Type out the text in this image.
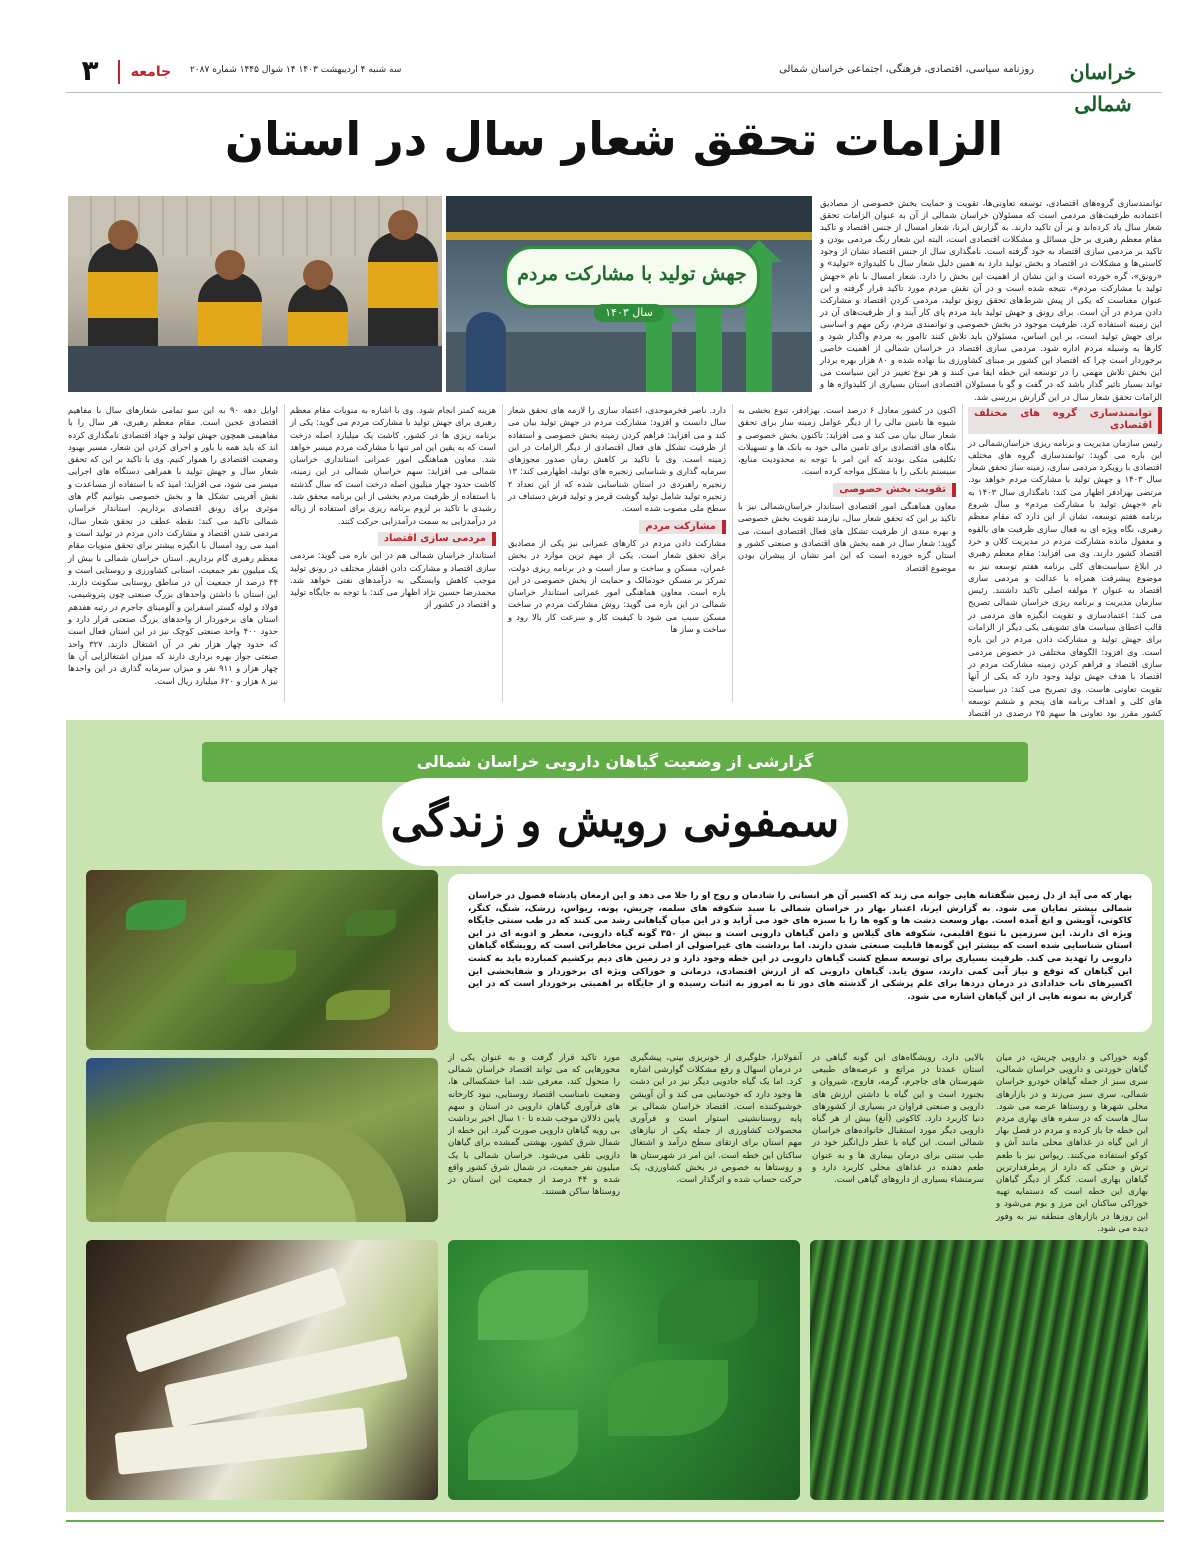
خراسان شمالی
روزنامه سیاسی، اقتصادی، فرهنگی، اجتماعی خراسان شمالی
۳	جامعه	سه شنبه ۴ اردیبهشت ۱۴۰۳ ۱۴ شوال ۱۴۴۵ شماره ۲۰۸۷
الزامات تحقق شعار سال در استان
توانمندسازی گروه‌های اقتصادی، توسعه تعاونی‌ها، تقویت و حمایت بخش خصوصی از مصادیق اعتمادبه ظرفیت‌های مردمی است که مسئولان خراسان شمالی از آن به عنوان الزامات تحقق شعار سال یاد کرده‌اند و بر آن تاکید دارند. به گزارش ایرنا، شعار امسال از جنس اقتصاد و تاکید مقام معظم رهبری بر حل مسائل و مشکلات اقتصادی است، البته این شعار رنگ مردمی بودن و تاکید بر مردمی سازی اقتصاد به خود گرفته است. نامگذاری سال از جنس اقتصاد نشان از وجود کاستی‌ها و مشکلات در اقتصاد و بخش تولید دارد به همین دلیل شعار سال با کلیدواژه «تولید» و «رونق»، گره خورده است و این نشان از اهمیت این بخش را دارد. شعار امسال با نام «جهش تولید با مشارکت مردم»، نتیجه شده است و در آن نقش مردم مورد تاکید قرار گرفته و این عنوان معناست که یکی از پیش شرط‌های تحقق رونق تولید، مردمی کردن اقتصاد و مشارکت دادن مردم در آن است. برای رونق و جهش تولید باید مردم پای کار آیند و از ظرفیت‌های آن در این زمینه استفاده کرد. ظرفیت موجود در بخش خصوصی و توانمندی مردم، رکن مهم و اساسی برای جهش تولید است، بر این اساس، مسئولان باید تلاش کنند تاامور به مردم واگذار شود و کارها به وسیله مردم اداره شود. مردمی سازی اقتصاد در خراسان شمالی از اهمیت خاصی برخوردار است چرا که اقتصاد این کشور بر مبنای کشاورزی بنا نهاده شده و ۸۰ هزار بهره بردار این بخش تلاش مهمی را در توسعه این خطه ایفا می کنند و هر نوع تغییر در این سیاست می تواند بسیار تاثیر گذار باشد که در گفت و گو با مسئولان اقتصادی استان بسیاری از کلیدواژه ها و الزامات تحقق شعار سال در این گزارش بررسی شد.
جهش تولید با مشارکت مردم
سال ۱۴۰۳
توانمندسازی گروه های مختلف اقتصادی

رئیس سازمان مدیریت و برنامه ریزی خراسان‌شمالی در این باره می گوید: توانمندسازی گروه های مختلف اقتصادی با رویکرد مردمی سازی، زمینه ساز تحقق شعار سال ۱۴۰۳ و جهش تولید با مشارکت مردم خواهد بود. مرتضی بهزادفر اظهار می کند: نامگذاری سال ۱۴۰۳ به نام «جهش تولید با مشارکت مردم» و سال شروع برنامه هفتم توسعه، نشان از این دارد که مقام معظم رهبری، نگاه ویژه ای به فعال سازی ظرفیت های بالقوه و مغفول مانده مشارکت مردم در مدیریت کلان و خرد اقتصاد کشور دارند. وی می افزاید: مقام معظم رهبری در ابلاغ سیاست‌های کلی برنامه هفتم توسعه نیز به موضوع پیشرفت همراه با عدالت و مردمی سازی اقتصاد به عنوان ۲ مولفه اصلی تاکید داشتند. رئیس سازمان مدیریت و برنامه ریزی خراسان شمالی تصریح می کند: اعتمادسازی و تقویت انگیزه های مردمی در قالب اعطای سیاست های تشویقی یکی دیگر از الزامات برای جهش تولید و مشارکت دادن مردم در این باره است. وی افزود: الگوهای مختلفی در خصوص مردمی سازی اقتصاد و فراهم کردن زمینه مشارکت مردم در اقتصاد با هدف جهش تولید وجود دارد که یکی از آنها تقویت تعاونی هاست. وی تصریح می کند: در سیاست های کلی و اهداف برنامه های پنجم و ششم توسعه کشور مقرر بود تعاونی ها سهم ۲۵ درصدی در اقتصاد

اکنون در کشور معادل ۶ درصد است. بهزادفر، تنوع بخشی به شیوه ها تامین مالی را از دیگر عوامل زمینه ساز برای تحقق شعار سال بیان می کند و می افزاید: تاکنون بخش خصوصی و بنگاه های اقتصادی برای تامین مالی خود به بانک ها و تسهیلات تکلیفی متکی بودند که این امر با توجه به محدودیت منابع، سیستم بانکی را با مشکل مواجه کرده است.

تقویت بخش خصوصی

معاون هماهنگی امور اقتصادی استاندار خراسان‌شمالی نیز با تاکید بر این که تحقق شعار سال، نیازمند تقویت بخش خصوصی و بهره مندی از ظرفیت تشکل های فعال اقتصادی است، می گوید: شعار سال در همه بخش های اقتصادی و صنعتی کشور و استان گره خورده است که این امر نشان از پیشران بودن موضوع اقتصاد

دارد. ناصر فخرموحدی، اعتماد سازی را لازمه های تحقق شعار سال دانست و افزود: مشارکت مردم در جهش تولید بیان می کند و می افزاید: فراهم کردن زمینه بخش خصوصی و استفاده از ظرفیت تشکل های فعال اقتصادی از دیگر الزامات در این زمینه است. وی با تاکید بر کاهش زمان صدور مجوزهای سرمایه گذاری و شناسایی زنجیره های تولید، اظهارمی کند: ۱۳ زنجیره راهبردی در استان شناسایی شده که از این تعداد ۲ زنجیره تولید شامل تولید گوشت قرمز و تولید فرش دستباف در سطح ملی مصوب شده است.

مشارکت مردم

مشارکت دادن مردم در کارهای عمرانی نیز یکی از مصادیق برای تحقق شعار است. یکی از مهم ترین موارد در بخش عمران، مسکن و ساخت و ساز است و در برنامه ریزی دولت، تمرکز بر مسکن خودمالک و حمایت از بخش خصوصی در این باره است. معاون هماهنگی امور عمرانی استاندار خراسان شمالی در این باره می گوید: روش مشارکت مردم در ساخت مسکن سبب می شود تا کیفیت کار و سرعت کار بالا رود و ساخت و ساز ها

هزینه کمتر انجام شود. وی با اشاره به منویات مقام معظم رهبری برای جهش تولید با مشارکت مردم می گوید: یکی از برنامه ریزی ها در کشور، کاشت یک میلیارد اصله درخت است که به یقین این امر تنها با مشارکت مردم میسر خواهد شد. معاون هماهنگی امور عمرانی استانداری خراسان شمالی می افزاید: سهم خراسان شمالی در این زمینه، کاشت حدود چهار میلیون اصله درخت است که سال گذشته با استفاده از ظرفیت مردم بخشی از این برنامه محقق شد. رشیدی با تاکید بر لزوم برنامه ریزی برای استفاده از زباله در درآمدزایی به سمت درآمدزایی حرکت کنند.

مردمی سازی اقتصاد

استاندار خراسان شمالی هم در این باره می گوید: مردمی سازی اقتصاد و مشارکت دادن اقشار مختلف در رونق تولید موجب کاهش وابستگی به درآمدهای نفتی خواهد شد. محمدرضا حسین نژاد اظهار می کند: با توجه به جایگاه تولید و اقتصاد در کشور از

اوایل دهه ۹۰ به این سو تمامی شعارهای سال با مفاهیم اقتصادی عجین است. مقام معظم رهبری، هر سال را با مفاهیمی همچون جهش تولید و جهاد اقتصادی نامگذاری کرده اند که باید همه با باور و اجرای کردن این شعار، مسیر بهبود وضعیت اقتصادی را هموار کنیم. وی با تاکید بر این که تحقق شعار سال و جهش تولید با همراهی دستگاه های اجرایی میسر می شود، می افزاید: امید که با استفاده از مساعدت و نقش آفرینی تشکل ها و بخش خصوصی بتوانیم گام های موثری برای رونق اقتصادی برداریم. استاندار خراسان شمالی تاکید می کند: نقطه عطف در تحقق شعار سال، مردمی شدن اقتصاد و مشارکت دادن مردم در تولید است و امید می رود امسال با انگیزه بیشتر برای تحقق منویات مقام معظم رهبری گام برداریم. استان خراسان شمالی با بیش از یک میلیون نفر جمعیت، استانی کشاورزی و روستایی است و ۴۴ درصد از جمعیت آن در مناطق روستایی سکونت دارند. این استان با داشتن واحدهای بزرگ صنعتی چون پتروشیمی، فولاد و لوله گستر اسفراین و آلومینای جاجرم در رتبه هفدهم استان های برخوردار از واحدهای بزرگ صنعتی قرار دارد و حدود ۴۰۰ واحد صنعتی کوچک نیز در این استان فعال است که حدود چهار هزار نفر در آن اشتغال دارند. ۳۲۷ واحد صنعتی جواز بهره برداری دارند که میزان اشتغالزایی آن ها چهار هزار و ۹۱۱ نفر و میزان سرمایه گذاری در این واحدها نیز ۸ هزار و ۶۲۰ میلیارد ریال است.

گزارشی از وضعیت گیاهان دارویی خراسان شمالی
سمفونی رویش و زندگی
بهار که می آید از دل زمین شگفتانه هایی جوانه می زند که اکسیر آن هر انسانی را شادمان و روح او را جلا می دهد و این ارمغان پادشاه فصول در خراسان شمالی بیشتر نمایان می شود. به گزارش ایرنا، اعتبار بهار در خراسان شمالی با سبد شکوفه های سلمه، چریش، پونه، ریواس، زرشک، شنگ، کنگر، کاکوتی، آویشن و انغ آمده است. بهار وسعت دشت ها و کوه ها را با سبزه های خود می آراید و در این میان گیاهانی رشد می کنند که در طب سنتی جایگاه ویژه ای دارند. این سرزمین با تنوع اقلیمی، شکوفه های گیلاس و دامن گیاهان دارویی است و بیش از ۳۵۰ گونه گیاه دارویی، معطر و ادویه ای در این استان شناسایی شده است که بیشتر این گونه‌ها قابلیت صنعتی شدن دارند. اما برداشت های غیراصولی از اصلی ترین مخاطراتی است که رویشگاه گیاهان دارویی را تهدید می کند. ظرفیت بسیاری برای توسعه سطح کشت گیاهان دارویی در این خطه وجود دارد و در زمین های دیم برکشیم کمبارده باید به کشت این گیاهان که توقع و نیاز آبی کمی دارند، سوق یابد. گیاهان دارویی که از ارزش اقتصادی، درمانی و خوراکی ویژه ای برخوردار و شفابخشی این اکسیرهای ناب خدادادی در درمان دردها برای علم پزشکی از گذشته های دور تا به امروز به اثبات رسیده و از جایگاه بر اهمیتی برخوردار است که در این گزارش به نمونه هایی از این گیاهان اشاره می شود.
گونه خوراکی و دارویی چریش، در میان گیاهان خوردنی و دارویی خراسان شمالی، سری سبز از جمله گیاهان خودرو خراسان شمالی، سری سبز می‌زند و در بازارهای محلی شهرها و روستاها عرضه می شود. سال هاست که در سفره های بهاری مردم این خطه جا باز کرده و مردم در فصل بهار از این گیاه در غذاهای محلی مانند آش و کوکو استفاده می‌کنند. ریواس نیز با طعم ترش و خنکی که دارد از پرطرفدارترین گیاهان بهاری است. کنگر از دیگر گیاهان بهاری این خطه است که دستمایه تهیه خوراکی ساکنان این مرز و بوم می‌شود و این روزها در بازارهای منطقه نیز به وفور دیده می شود.
بالایی دارد، رویشگاه‌های این گونه گیاهی در استان عمدتا در مراتع و عرصه‌های طبیعی شهرستان های جاجرم، گرمه، فاروج، شیروان و بجنورد است و این گیاه با داشتن ارزش های دارویی و صنعتی فراوان در بسیاری از کشورهای دنیا کاربرد دارد. کاکوتی (اَنغ) بیش از هر گیاه دارویی دیگر مورد استقبال خانواده‌های خراسان شمالی است. این گیاه با عطر دل‌انگیز خود در طب سنتی برای درمان بیماری ها و به عنوان طعم دهنده در غذاهای محلی کاربرد دارد و سرمنشاء بسیاری از داروهای گیاهی است.
آنفولانزا، جلوگیری از خونریزی بینی، پیشگیری در درمان اسهال و رفع مشکلات گوارشی اشاره کرد. اما یک گیاه جادویی دیگر نیز در این دشت ها وجود دارد که خودنمایی می کند و آن آویشن خوشبوکننده است. اقتصاد خراسان شمالی بر پایه روستانشینی استوار است و فرآوری محصولات کشاورزی از جمله یکی از نیازهای مهم استان برای ارتقای سطح درآمد و اشتغال ساکنان این خطه است. این امر در شهرستان ها و روستاها به خصوص در بخش کشاورزی، یک حرکت حساب شده و اثرگذار است.
مورد تاکید قرار گرفت و به عنوان یکی از محورهایی که می تواند اقتصاد خراسان شمالی را متحول کند، معرفی شد. اما خشکسالی ها، وضعیت نامناسب اقتصاد روستایی، نبود کارخانه های فرآوری گیاهان دارویی در استان و سهم پایین دلالان موجب شده تا ۱۰ سال اخیر برداشت بی رویه گیاهان دارویی صورت گیرد. این خطه از شمال شرق کشور، بهشتی گمشده برای گیاهان دارویی تلقی می‌شود. خراسان شمالی با یک میلیون نفر جمعیت، در شمال شرق کشور واقع شده و ۴۴ درصد از جمعیت این استان در روستاها ساکن هستند.
